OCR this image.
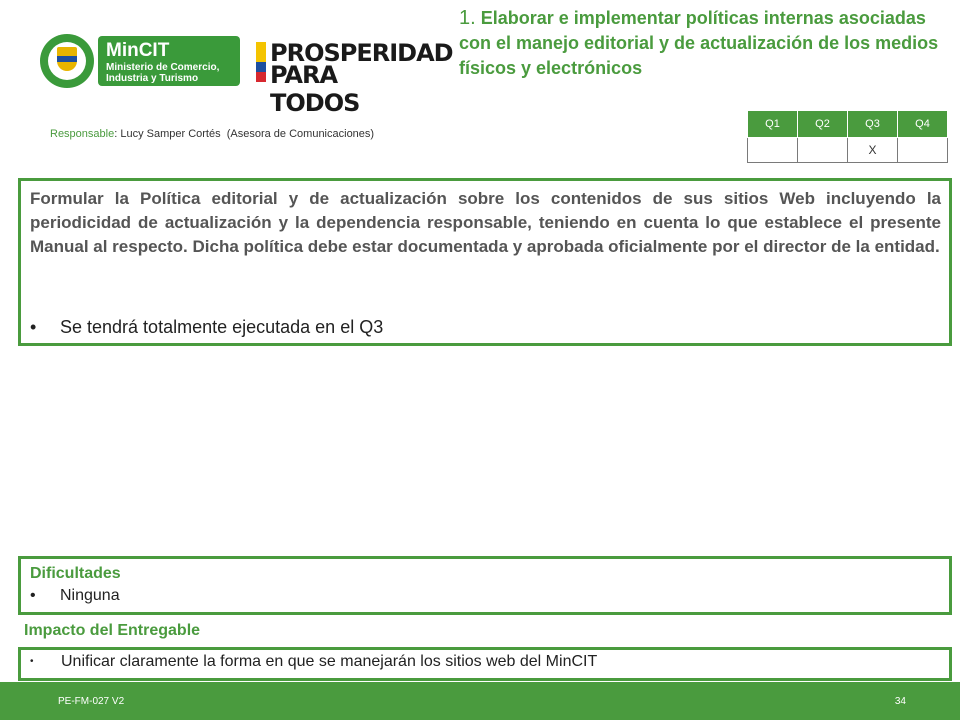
MinCIT
Ministerio de Comercio,
Industria y Turismo
PROSPERIDAD
PARA TODOS
1. Elaborar e implementar políticas internas asociadas con el manejo editorial y de actualización de los medios físicos y electrónicos
Responsable: Lucy Samper Cortés (Asesora de Comunicaciones)
Q1	Q2	Q3	Q4
		X	

Formular la Política editorial y de actualización sobre los contenidos de sus sitios Web incluyendo la periodicidad de actualización y la dependencia responsable, teniendo en cuenta lo que establece el presente Manual al respecto. Dicha política debe estar documentada y aprobada oficialmente por el director de la entidad.

• Se tendrá totalmente ejecutada en el Q3
Dificultades
• Ninguna
Impacto del Entregable
• Unificar claramente la forma en que se manejarán los sitios web del MinCIT
PE-FM-027 V2	34
